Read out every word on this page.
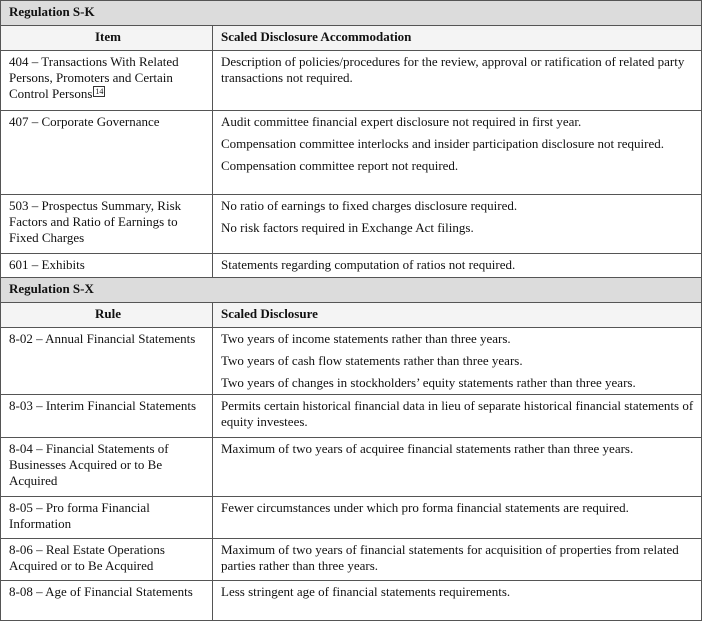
Regulation S-K	
Item	Scaled Disclosure Accommodation
404 – Transactions With Related Persons, Promoters and Certain Control Persons 14	Description of policies/procedures for the review, approval or ratification of related party transactions not required.

407 – Corporate Governance	Audit committee financial expert disclosure not required in first year.

Compensation committee interlocks and insider participation disclosure not required.

Compensation committee report not required.

503 – Prospectus Summary, Risk Factors and Ratio of Earnings to Fixed Charges	No ratio of earnings to fixed charges disclosure required.

No risk factors required in Exchange Act filings.

601 – Exhibits	Statements regarding computation of ratios not required.

Regulation S-X	
Rule	Scaled Disclosure
8-02 – Annual Financial Statements	Two years of income statements rather than three years.

Two years of cash flow statements rather than three years.

Two years of changes in stockholders’ equity statements rather than three years.

8-03 – Interim Financial Statements	Permits certain historical financial data in lieu of separate historical financial statements of equity investees.

8-04 – Financial Statements of Businesses Acquired or to Be Acquired	Maximum of two years of acquiree financial statements rather than three years.

8-05 – Pro forma Financial Information	Fewer circumstances under which pro forma financial statements are required.

8-06 – Real Estate Operations Acquired or to Be Acquired	Maximum of two years of financial statements for acquisition of properties from related parties rather than three years.

8-08 – Age of Financial Statements	Less stringent age of financial statements requirements.
